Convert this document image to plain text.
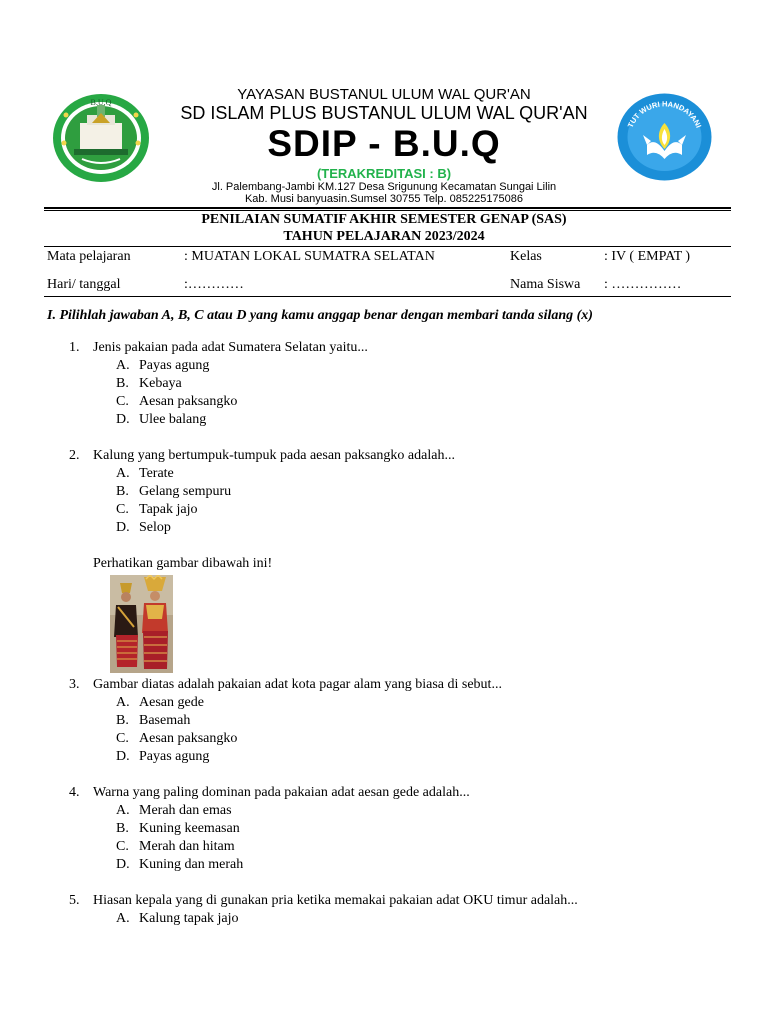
B.U.Q
TUT WURI HANDAYANI
YAYASAN BUSTANUL ULUM WAL QUR'AN
SD ISLAM PLUS BUSTANUL ULUM WAL QUR'AN
SDIP - B.U.Q
(TERAKREDITASI : B)
Jl. Palembang-Jambi KM.127 Desa Srigunung Kecamatan Sungai Lilin
Kab. Musi banyuasin.Sumsel 30755 Telp. 085225175086
PENILAIAN SUMATIF AKHIR SEMESTER GENAP (SAS)
TAHUN PELAJARAN 2023/2024
Mata pelajaran	: MUATAN LOKAL SUMATRA SELATAN	Kelas	: IV ( EMPAT )
Hari/ tanggal	:…………	Nama Siswa : ……………
I. Pilihlah jawaban A, B, C atau D yang kamu anggap benar dengan membari tanda silang (x)
1. Jenis pakaian pada adat Sumatera Selatan yaitu...
A. Payas agung
B. Kebaya
C. Aesan paksangko
D. Ulee balang
2. Kalung yang bertumpuk-tumpuk pada aesan paksangko adalah...
A. Terate
B. Gelang sempuru
C. Tapak jajo
D. Selop
Perhatikan gambar dibawah ini!
3. Gambar diatas adalah pakaian adat kota pagar alam yang biasa di sebut...
A. Aesan gede
B. Basemah
C. Aesan paksangko
D. Payas agung
4. Warna yang paling dominan pada pakaian adat aesan gede adalah...
A. Merah dan emas
B. Kuning keemasan
C. Merah dan hitam
D. Kuning dan merah
5. Hiasan kepala yang di gunakan pria ketika memakai pakaian adat OKU timur adalah...
A. Kalung tapak jajo
